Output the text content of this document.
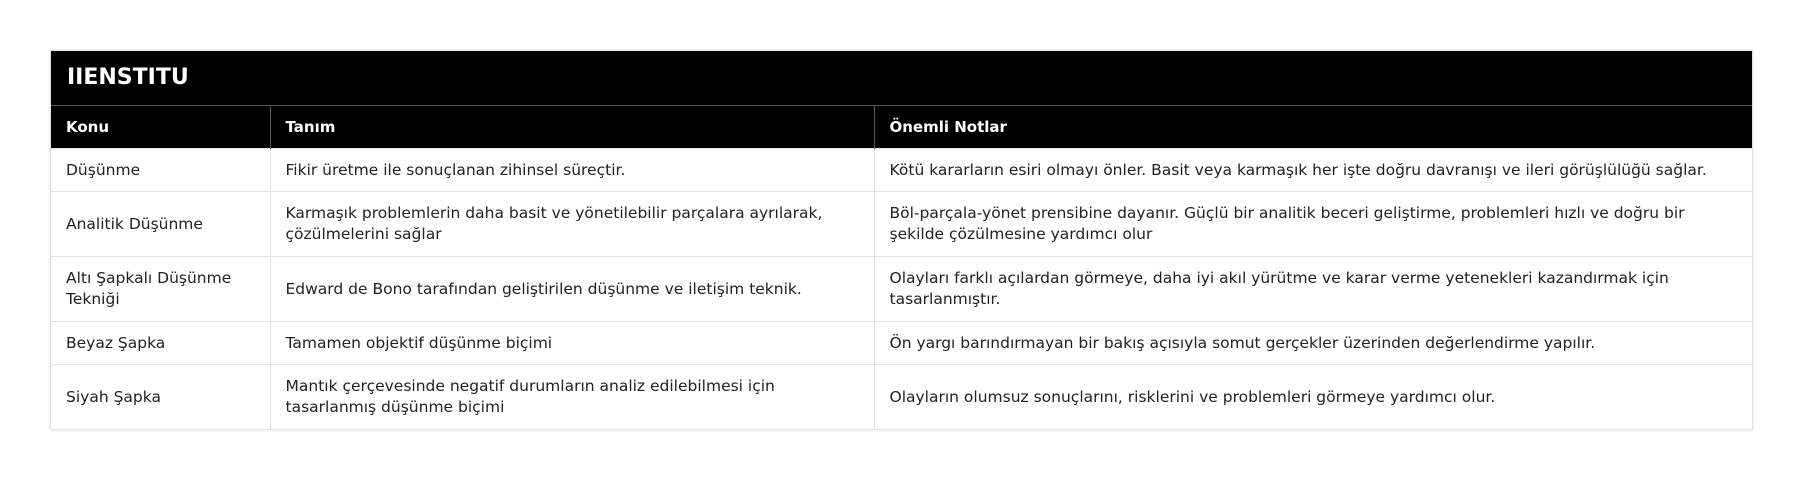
IIENSTITU
Konu	Tanım	Önemli Notlar
Düşünme	Fikir üretme ile sonuçlanan zihinsel süreçtir.	Kötü kararların esiri olmayı önler. Basit veya karmaşık her işte doğru davranışı ve ileri görüşlülüğü sağlar.
Analitik Düşünme	Karmaşık problemlerin daha basit ve yönetilebilir parçalara ayrılarak, çözülmelerini sağlar	Böl-parçala-yönet prensibine dayanır. Güçlü bir analitik beceri geliştirme, problemleri hızlı ve doğru bir şekilde çözülmesine yardımcı olur
Altı Şapkalı Düşünme Tekniği	Edward de Bono tarafından geliştirilen düşünme ve iletişim teknik.	Olayları farklı açılardan görmeye, daha iyi akıl yürütme ve karar verme yetenekleri kazandırmak için tasarlanmıştır.
Beyaz Şapka	Tamamen objektif düşünme biçimi	Ön yargı barındırmayan bir bakış açısıyla somut gerçekler üzerinden değerlendirme yapılır.
Siyah Şapka	Mantık çerçevesinde negatif durumların analiz edilebilmesi için tasarlanmış düşünme biçimi	Olayların olumsuz sonuçlarını, risklerini ve problemleri görmeye yardımcı olur.
